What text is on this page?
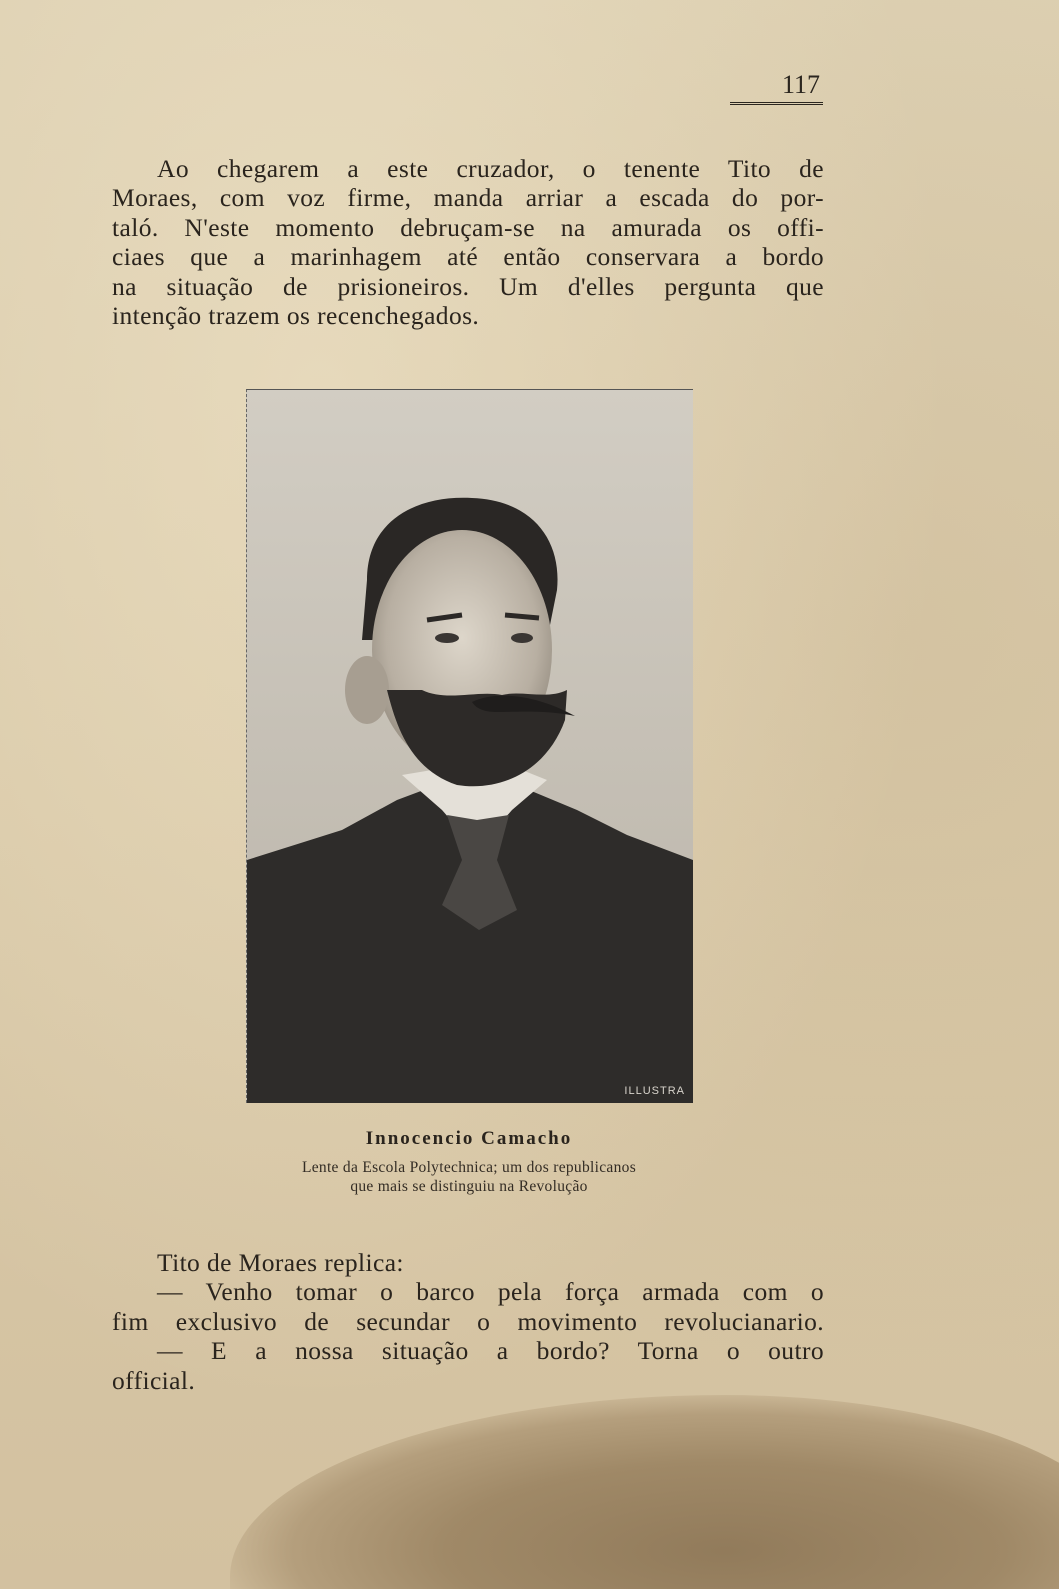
117
Ao chegarem a este cruzador, o tenente Tito de
Moraes, com voz firme, manda arriar a escada do por-
taló. N'este momento debruçam-se na amurada os offi-
ciaes que a marinhagem até então conservara a bordo
na situação de prisioneiros. Um d'elles pergunta que
intenção trazem os recenchegados.
ILLUSTRA
Innocencio Camacho
Lente da Escola Polytechnica; um dos republicanos
que mais se distinguiu na Revolução
Tito de Moraes replica:
— Venho tomar o barco pela força armada com o
fim exclusivo de secundar o movimento revolucianario.
— E a nossa situação a bordo? Torna o outro
official.
